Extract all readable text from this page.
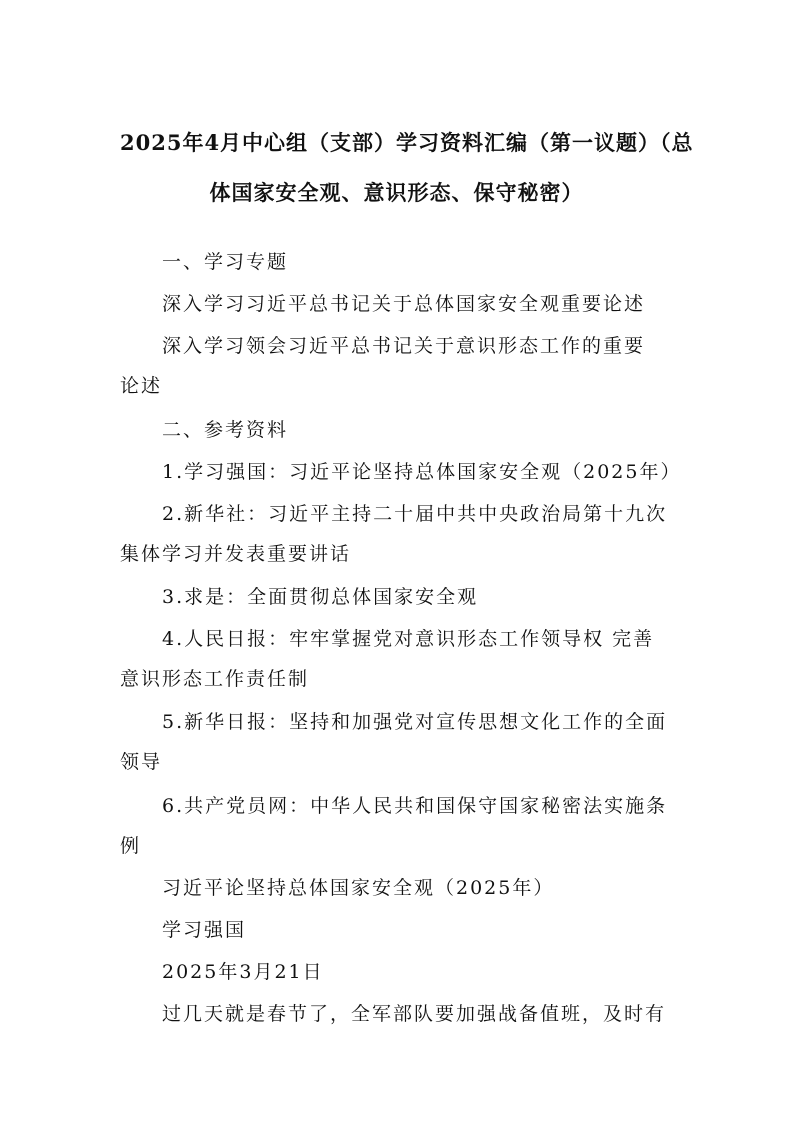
2025年4月中心组（支部）学习资料汇编（第一议题）（总
体国家安全观、意识形态、保守秘密）
一、学习专题
深入学习习近平总书记关于总体国家安全观重要论述
深入学习领会习近平总书记关于意识形态工作的重要
论述
二、参考资料
1.学习强国：习近平论坚持总体国家安全观（2025年）
2.新华社：习近平主持二十届中共中央政治局第十九次
集体学习并发表重要讲话
3.求是：全面贯彻总体国家安全观
4.人民日报：牢牢掌握党对意识形态工作领导权 完善
意识形态工作责任制
5.新华日报：坚持和加强党对宣传思想文化工作的全面
领导
6.共产党员网：中华人民共和国保守国家秘密法实施条
例
习近平论坚持总体国家安全观（2025年）
学习强国
2025年3月21日
过几天就是春节了，全军部队要加强战备值班，及时有
